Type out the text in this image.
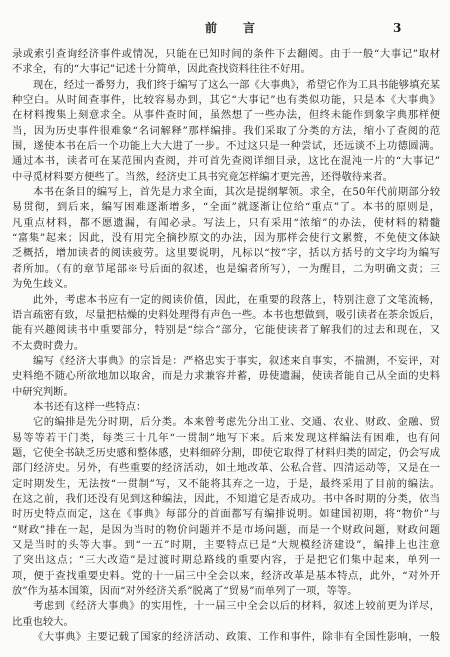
前言	3
录或索引查询经济事件或情况，只能在已知时间的条件下去翻阅。由于一般“大事记”取材
不求全，有的“大事记”记述十分简单，因此查找资料往往不好用。
现在，经过一番努力，我们终于编写了这么一部《大事典》，希望它作为工具书能够填充某
种空白。从时间查事件，比较容易办到，其它“大事记”也有类似功能，只是本《大事典》
在材料搜集上刻意求全。从事件查时间，虽然想了一些办法，但终未能作到象字典那样便
当，因为历史事件很难象“名词解释”那样编排。我们采取了分类的方法，缩小了查阅的范
围，遂使本书在后一个功能上大大进了一步。不过这只是一种尝试，还远谈不上功德圆满。
通过本书，读者可在某范围内查阅，并可首先查阅详细目录，这比在混沌一片的“大事记”
中寻觅材料要方便些了。当然，经济史工具书究竟怎样编才更完善，还得敬待来者。
本书在条目的编写上，首先是力求全面，其次是提纲挈领。求全，在50年代前期部分较
易贯彻，到后来，编写困难逐渐增多，“全面”就逐渐让位给“重点”了。本书的原则是，
凡重点材料，都不愿遗漏，有闻必录。写法上，只有采用“浓缩”的办法，使材料的精髓
“富集”起来；因此，没有用完全摘抄原文的办法，因为那样会使行文累赘，不免使文体缺
乏概括，增加读者的阅读疲劳。这里要说明，凡标以“按”字，括以方括号的文字均为编写
者所加。（有的章节尾部※号后面的叙述，也是编者所写），一为醒目，二为明确文责；三
为免生歧义。
此外，考虑本书应有一定的阅读价值，因此，在重要的段落上，特别注意了文笔流畅，
语言疏密有致，尽量把枯燥的史料处理得有声色一些。本书也想做到，吸引读者在茶余饭后，
能有兴趣阅读书中重要部分，特别是“综合”部分，它能使读者了解我们的过去和现在，又
不太费时费力。
编写《经济大事典》的宗旨是：严格忠实于事实，叙述来自事实，不揣测，不妄评，对
史料绝不随心所欲地加以取舍，而是力求兼容并蓄，毋使遗漏，使读者能自己从全面的史料
中研究判断。
本书还有这样一些特点：
它的编排是先分时期，后分类。本来曾考虑先分出工业、交通、农业、财政、金融、贸
易等等若干门类，每类三十几年“一贯制”地写下来。后来发现这样编法有困难，也有问
题，它使全书缺乏历史感和整体感，史料细碎分割，即使它取得了材料归类的固定，仍会写成
部门经济史。另外，有些重要的经济活动，如土地改革、公私合营、四清运动等，又是在一
定时期发生，无法按“一贯制”写，又不能将其弃之一边，于是，最终采用了目前的编法。
在这之前，我们还没有见到这种编法，因此，不知道它是否成功。书中各时期的分类，依当
时历史特点而定，这在《事典》每部分的首面都写有编排说明。如建国初期，将“物价”与
“财政”排在一起，是因为当时的物价问题并不是市场问题，而是一个财政问题，财政问题
又是当时的头等大事。到“一五”时期，主要特点已是“大规模经济建设”，编排上也注意
了突出这点；“三大改造”是过渡时期总路线的重要内容，于是把它们集中起来，单列一
项，便于查找重要史料。党的十一届三中全会以来，经济改革是基本特点，此外，“对外开
放”作为基本国策，因而“对外经济关系”脱离了“贸易”而单列了一项，等等。
考虑到《经济大事典》的实用性，十一届三中全会以后的材料，叙述上较前更为详尽，
比重也较大。
《大事典》主要记载了国家的经济活动、政策、工作和事件，除非有全国性影响，一般
